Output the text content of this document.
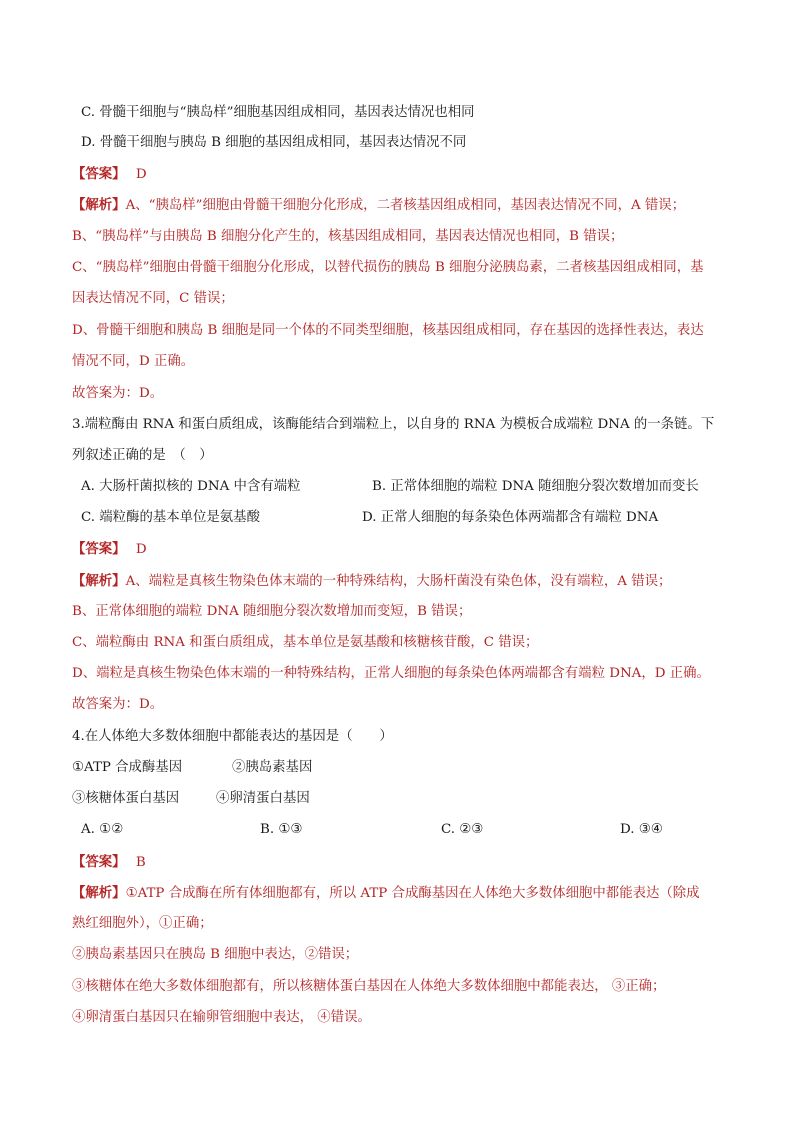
C. 骨髓干细胞与“胰岛样”细胞基因组成相同，基因表达情况也相同
D. 骨髓干细胞与胰岛 B 细胞的基因组成相同，基因表达情况不同
【答案】 D
【解析】A、“胰岛样”细胞由骨髓干细胞分化形成，二者核基因组成相同，基因表达情况不同，A 错误；
B、“胰岛样”与由胰岛 B 细胞分化产生的，核基因组成相同，基因表达情况也相同，B 错误；
C、“胰岛样”细胞由骨髓干细胞分化形成，以替代损伤的胰岛 B 细胞分泌胰岛素，二者核基因组成相同，基
因表达情况不同，C 错误；
D、骨髓干细胞和胰岛 B 细胞是同一个体的不同类型细胞，核基因组成相同，存在基因的选择性表达，表达
情况不同，D 正确。
故答案为：D。
3.端粒酶由 RNA 和蛋白质组成，该酶能结合到端粒上，以自身的 RNA 为模板合成端粒 DNA 的一条链。下
列叙述正确的是　（　）
A. 大肠杆菌拟核的 DNA 中含有端粒	B. 正常体细胞的端粒 DNA 随细胞分裂次数增加而变长
C. 端粒酶的基本单位是氨基酸	D. 正常人细胞的每条染色体两端都含有端粒 DNA
【答案】 D
【解析】A、端粒是真核生物染色体末端的一种特殊结构，大肠杆菌没有染色体，没有端粒，A 错误；
B、正常体细胞的端粒 DNA 随细胞分裂次数增加而变短，B 错误；
C、端粒酶由 RNA 和蛋白质组成，基本单位是氨基酸和核糖核苷酸，C 错误；
D、端粒是真核生物染色体末端的一种特殊结构，正常人细胞的每条染色体两端都含有端粒 DNA，D 正确。
故答案为：D。
4.在人体绝大多数体细胞中都能表达的基因是（　　）
①ATP 合成酶基因	②胰岛素基因
③核糖体蛋白基因	④卵清蛋白基因
A. ①②	B. ①③	C. ②③	D. ③④
【答案】 B
【解析】①ATP 合成酶在所有体细胞都有，所以 ATP 合成酶基因在人体绝大多数体细胞中都能表达（除成
熟红细胞外），①正确；
②胰岛素基因只在胰岛 B 细胞中表达，②错误；
③核糖体在绝大多数体细胞都有，所以核糖体蛋白基因在人体绝大多数体细胞中都能表达， ③正确；
④卵清蛋白基因只在输卵管细胞中表达， ④错误。
